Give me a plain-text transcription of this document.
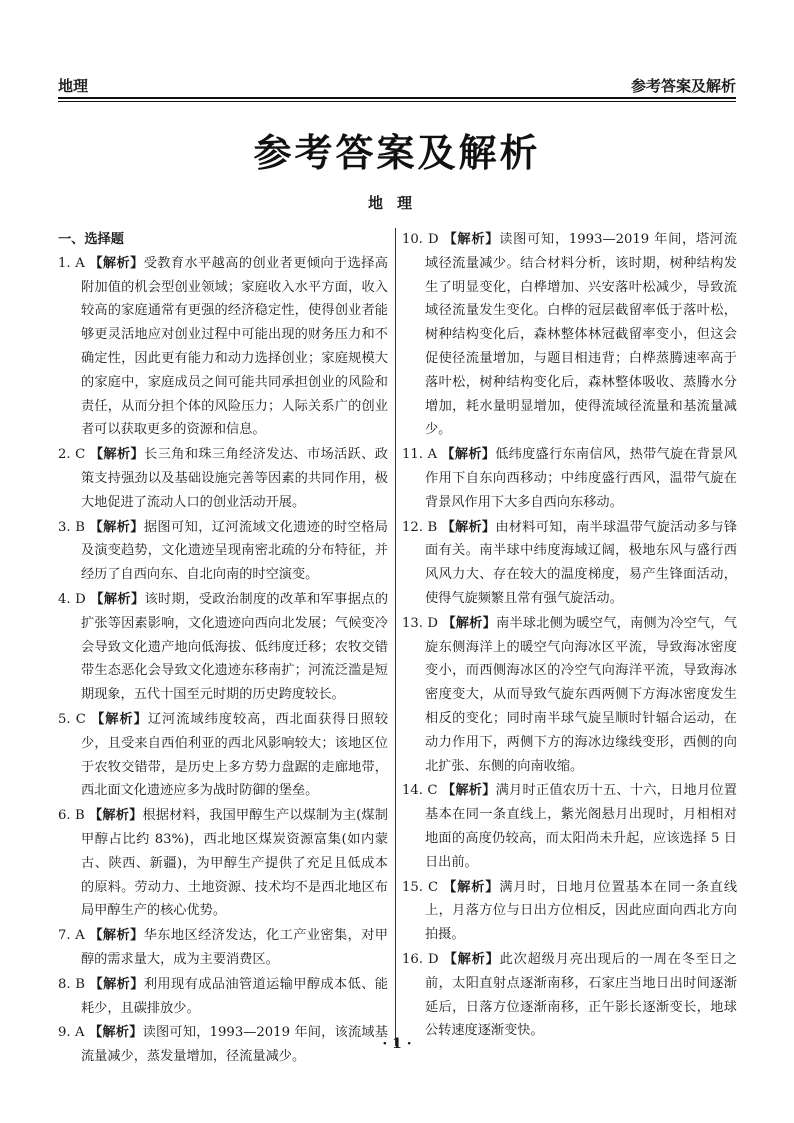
地理	参考答案及解析
参考答案及解析
地理
一、选择题

1. A 【解析】受教育水平越高的创业者更倾向于选择高附加值的机会型创业领域；家庭收入水平方面，收入较高的家庭通常有更强的经济稳定性，使得创业者能够更灵活地应对创业过程中可能出现的财务压力和不确定性，因此更有能力和动力选择创业；家庭规模大的家庭中，家庭成员之间可能共同承担创业的风险和责任，从而分担个体的风险压力；人际关系广的创业者可以获取更多的资源和信息。

2. C 【解析】长三角和珠三角经济发达、市场活跃、政策支持强劲以及基础设施完善等因素的共同作用，极大地促进了流动人口的创业活动开展。

3. B 【解析】据图可知，辽河流域文化遗迹的时空格局及演变趋势，文化遗迹呈现南密北疏的分布特征，并经历了自西向东、自北向南的时空演变。

4. D 【解析】该时期，受政治制度的改革和军事据点的扩张等因素影响，文化遗迹向西向北发展；气候变冷会导致文化遗产地向低海拔、低纬度迁移；农牧交错带生态恶化会导致文化遗迹东移南扩；河流泛滥是短期现象，五代十国至元时期的历史跨度较长。

5. C 【解析】辽河流域纬度较高，西北面获得日照较少，且受来自西伯利亚的西北风影响较大；该地区位于农牧交错带，是历史上多方势力盘踞的走廊地带，西北面文化遗迹应多为战时防御的堡垒。

6. B 【解析】根据材料，我国甲醇生产以煤制为主(煤制甲醇占比约 83%)，西北地区煤炭资源富集(如内蒙古、陕西、新疆)，为甲醇生产提供了充足且低成本的原料。劳动力、土地资源、技术均不是西北地区布局甲醇生产的核心优势。

7. A 【解析】华东地区经济发达，化工产业密集，对甲醇的需求量大，成为主要消费区。

8. B 【解析】利用现有成品油管道运输甲醇成本低、能耗少，且碳排放少。

9. A 【解析】读图可知，1993—2019 年间，该流域基流量减少，蒸发量增加，径流量减少。

10. D 【解析】读图可知，1993—2019 年间，塔河流域径流量减少。结合材料分析，该时期，树种结构发生了明显变化，白桦增加、兴安落叶松减少，导致流域径流量发生变化。白桦的冠层截留率低于落叶松，树种结构变化后，森林整体林冠截留率变小，但这会促使径流量增加，与题目相违背；白桦蒸腾速率高于落叶松，树种结构变化后，森林整体吸收、蒸腾水分增加，耗水量明显增加，使得流域径流量和基流量减少。

11. A 【解析】低纬度盛行东南信风，热带气旋在背景风作用下自东向西移动；中纬度盛行西风，温带气旋在背景风作用下大多自西向东移动。

12. B 【解析】由材料可知，南半球温带气旋活动多与锋面有关。南半球中纬度海域辽阔，极地东风与盛行西风风力大、存在较大的温度梯度，易产生锋面活动，使得气旋频繁且常有强气旋活动。

13. D 【解析】南半球北侧为暖空气，南侧为冷空气，气旋东侧海洋上的暖空气向海冰区平流，导致海冰密度变小，而西侧海冰区的冷空气向海洋平流，导致海冰密度变大，从而导致气旋东西两侧下方海冰密度发生相反的变化；同时南半球气旋呈顺时针辐合运动，在动力作用下，两侧下方的海冰边缘线变形，西侧的向北扩张、东侧的向南收缩。

14. C 【解析】满月时正值农历十五、十六，日地月位置基本在同一条直线上，紫光阁悬月出现时，月相相对地面的高度仍较高，而太阳尚未升起，应该选择 5 日日出前。

15. C 【解析】满月时，日地月位置基本在同一条直线上，月落方位与日出方位相反，因此应面向西北方向拍摄。

16. D 【解析】此次超级月亮出现后的一周在冬至日之前，太阳直射点逐渐南移，石家庄当地日出时间逐渐延后，日落方位逐渐南移，正午影长逐渐变长，地球公转速度逐渐变快。

· 1 ·
